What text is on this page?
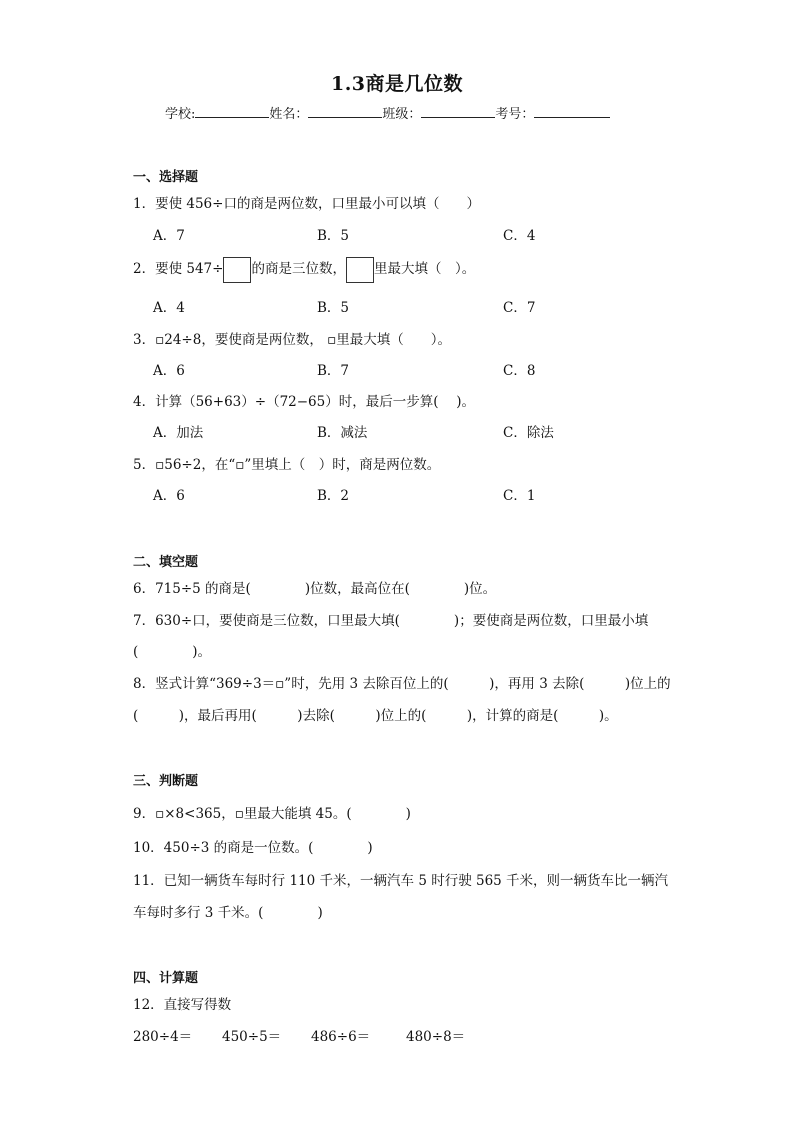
1.3商是几位数
学校:	姓名：	班级：	考号：
一、选择题
1．要使 456÷口的商是两位数，口里最小可以填（　　）
A．7	B．5	C．4
2．要使 547÷ 的商是三位数， 里最大填（　）。
A．4	B．5	C．7
3．▫24÷8，要使商是两位数， ▫里最大填（　　）。
A．6	B．7	C．8
4．计算（56+63）÷（72−65）时，最后一步算(　 )。
A．加法	B．减法	C．除法
5．▫56÷2，在“▫”里填上（　）时，商是两位数。
A．6	B．2	C．1
二、填空题
6．715÷5 的商是(　　　　)位数，最高位在(　　　　)位。
7．630÷口，要使商是三位数，口里最大填(　　　　)；要使商是两位数，口里最小填
(　　　　)。
8．竖式计算“369÷3＝▫”时，先用 3 去除百位上的(　　　)，再用 3 去除(　　　)位上的
(　　　)，最后再用(　　　)去除(　　　)位上的(　　　)，计算的商是(　　　)。
三、判断题
9．▫×8<365，▫里最大能填 45。(　　　　)
10．450÷3 的商是一位数。(　　　　)
11．已知一辆货车每时行 110 千米，一辆汽车 5 时行驶 565 千米，则一辆货车比一辆汽
车每时多行 3 千米。(　　　　)
四、计算题
12．直接写得数
280÷4＝ 450÷5＝ 486÷6＝	480÷8＝
